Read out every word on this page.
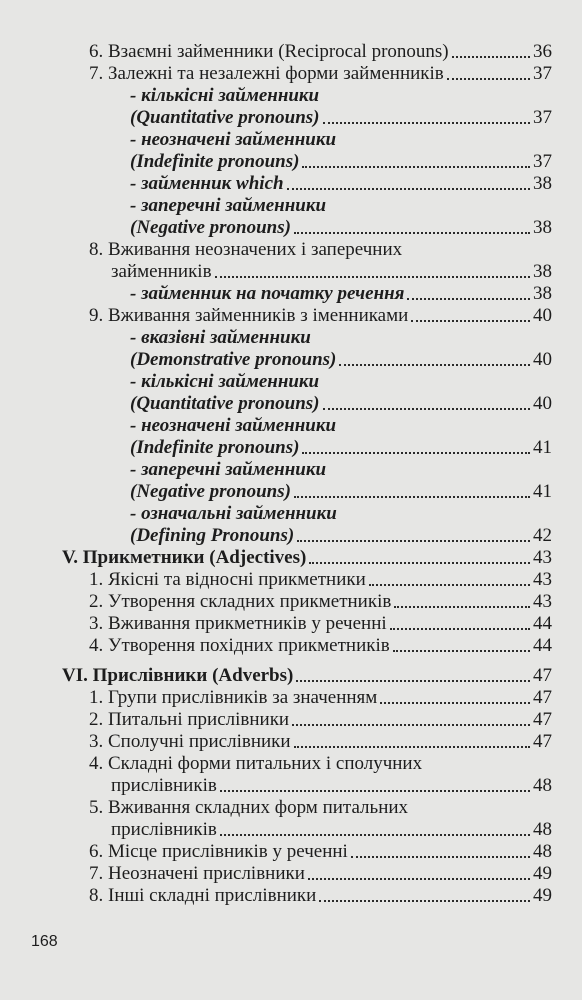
6. Взаємні займенники (Reciprocal pronouns)	36
7. Залежні та незалежні форми займенників	37
- кількісні займенники
(Quantitative pronouns)	37
- неозначені займенники
(Indefinite pronouns)	37
- займенник which	38
- заперечні займенники
(Negative pronouns)	38
8. Вживання неозначених і заперечних
займенників	38
- займенник на початку речення	38
9. Вживання займенників з іменниками	40
- вказівні займенники
(Demonstrative pronouns)	40
- кількісні займенники
(Quantitative pronouns)	40
- неозначені займенники
(Indefinite pronouns)	41
- заперечні займенники
(Negative pronouns)	41
- означальні займенники
(Defining Pronouns)	42
V. Прикметники (Adjectives)	43
1. Якісні та відносні прикметники	43
2. Утворення складних прикметників	43
3. Вживання прикметників у реченні	44
4. Утворення похідних прикметників	44
VI. Прислівники (Adverbs)	47
1. Групи прислівників за значенням	47
2. Питальні прислівники	47
3. Сполучні прислівники	47
4. Складні форми питальних і сполучних
прислівників	48
5. Вживання складних форм питальних
прислівників	48
6. Місце прислівників у реченні	48
7. Неозначені прислівники	49
8. Інші складні прислівники	49
168
